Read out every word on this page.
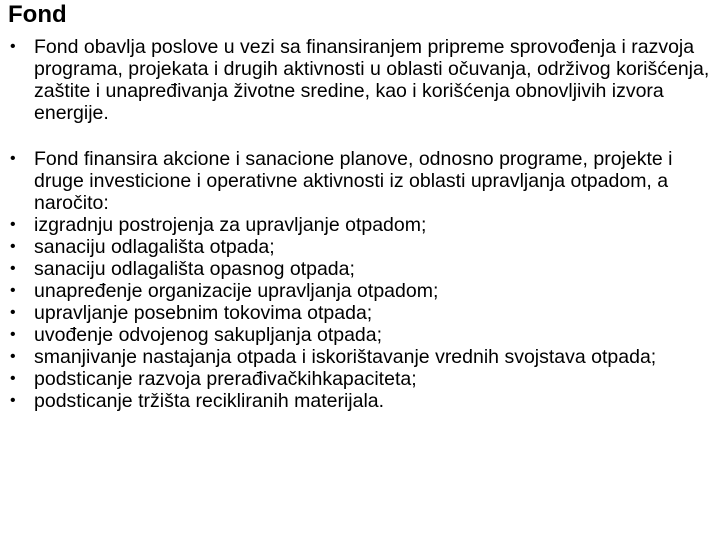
Fond
• Fond obavlja poslove u vezi sa finansiranjem pripreme sprovođenja i razvoja programa, projekata i drugih aktivnosti u oblasti očuvanja, održivog korišćenja, zaštite i unapređivanja životne sredine, kao i korišćenja obnovljivih izvora energije.
• Fond finansira akcione i sanacione planove, odnosno programe, projekte i druge investicione i operativne aktivnosti iz oblasti upravljanja otpadom, a naročito:
• izgradnju postrojenja za upravljanje otpadom;
• sanaciju odlagališta otpada;
• sanaciju odlagališta opasnog otpada;
• unapređenje organizacije upravljanja otpadom;
• upravljanje posebnim tokovima otpada;
• uvođenje odvojenog sakupljanja otpada;
• smanjivanje nastajanja otpada i iskorištavanje vrednih svojstava otpada;
• podsticanje razvoja prerađivačkihkapaciteta;
• podsticanje tržišta recikliranih materijala.
